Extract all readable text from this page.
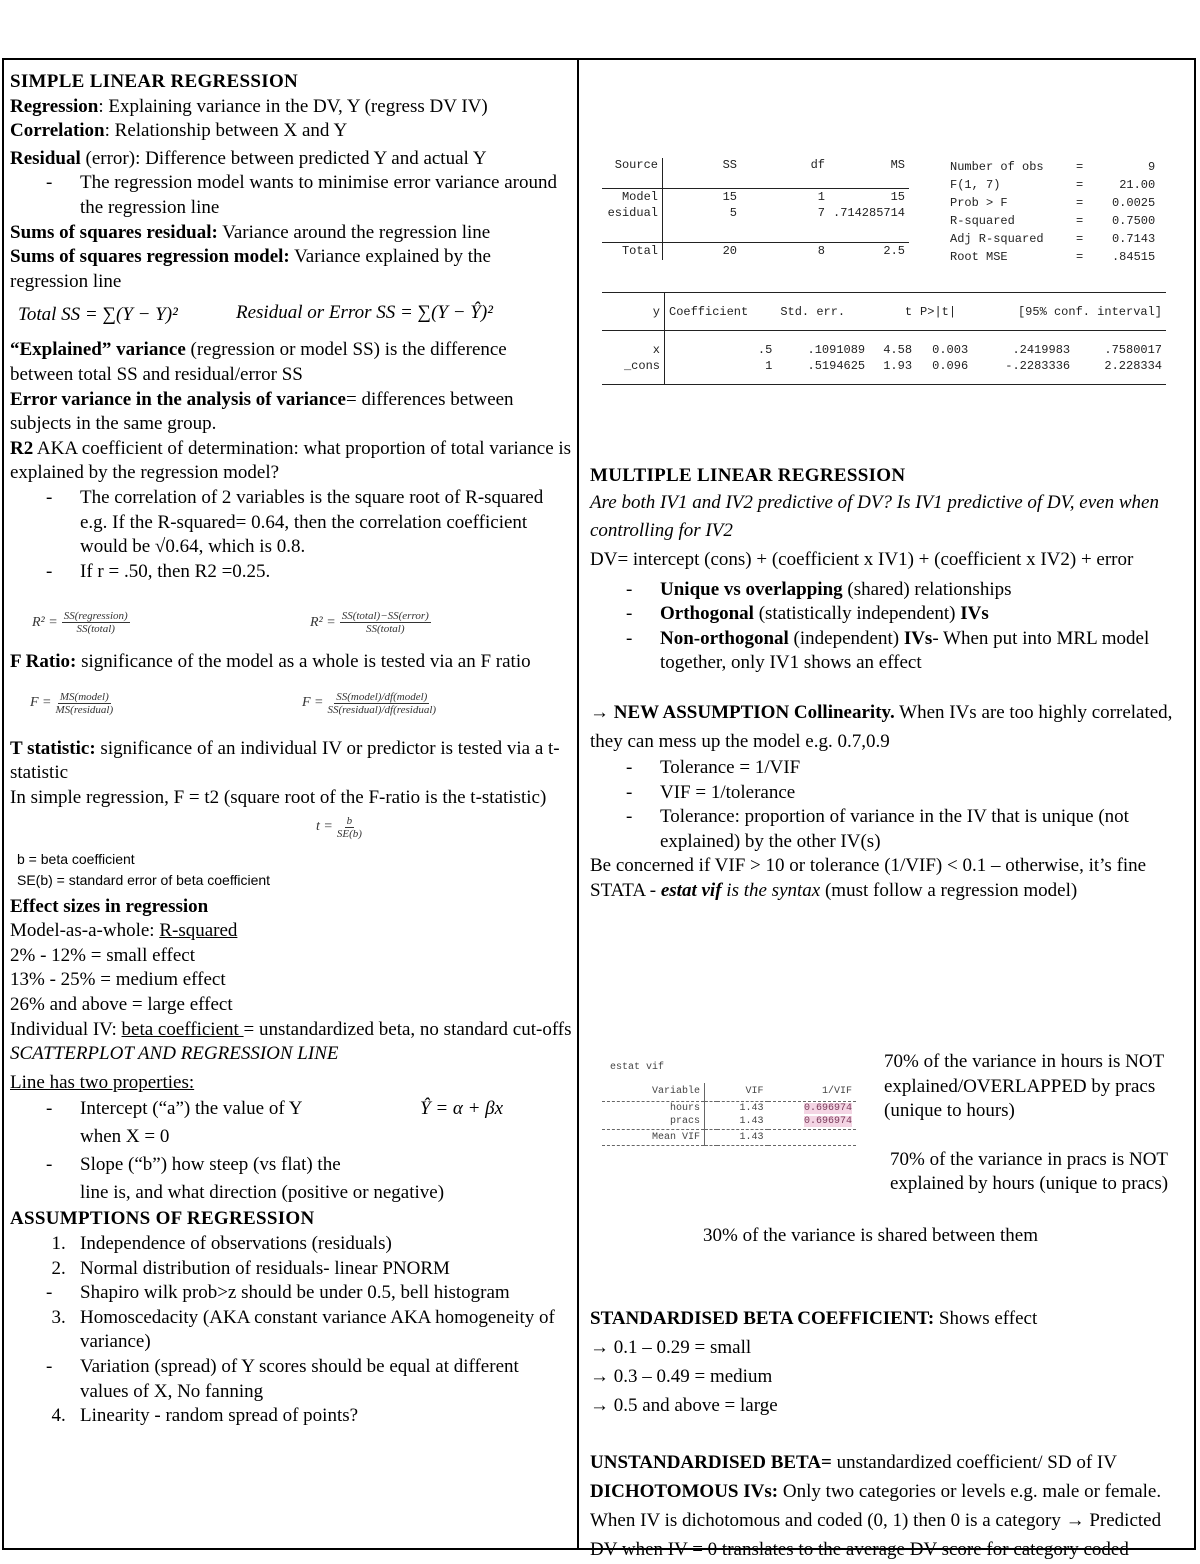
SIMPLE LINEAR REGRESSION

Regression: Explaining variance in the DV, Y (regress DV IV)

Correlation: Relationship between X and Y

Residual (error): Difference between predicted Y and actual Y

- The regression model wants to minimise error variance around the regression line

Sums of squares residual: Variance around the regression line

Sums of squares regression model: Variance explained by the regression line

Total SS = ∑(Y − Y)²	Residual or Error SS = ∑(Y − Ŷ)²

“Explained” variance (regression or model SS) is the difference between total SS and residual/error SS

Error variance in the analysis of variance= differences between subjects in the same group.

R2 AKA coefficient of determination: what proportion of total variance is explained by the regression model?

- The correlation of 2 variables is the square root of R-squared e.g. If the R-squared= 0.64, then the correlation coefficient would be √0.64, which is 0.8.
- If r = .50, then R2 =0.25.
R² = SS(regression)
SS(total)	R² = SS(total)−SS(error)
SS(total)

F Ratio: significance of the model as a whole is tested via an F ratio

F = MS(model)
MS(residual)	F = SS(model)/df(model)
SS(residual)/df(residual)

T statistic: significance of an individual IV or predictor is tested via a t-statistic

In simple regression, F = t2 (square root of the F-ratio is the t-statistic)

$t = \frac{b}{SE(b)}$

b = beta coefficient

SE(b) = standard error of beta coefficient

Effect sizes in regression

Model-as-a-whole: R-squared

2% - 12% = small effect

13% - 25% = medium effect

26% and above = large effect

Individual IV: beta coefficient = unstandardized beta, no standard cut-offs

SCATTERPLOT AND REGRESSION LINE

Line has two properties:

- Intercept (“a”) the value of Y	Ŷ = α + βx

when X = 0
- Slope (“b”) how steep (vs flat) the
line is, and what direction (positive or negative)

ASSUMPTIONS OF REGRESSION

1. Independence of observations (residuals)
2. Normal distribution of residuals- linear PNORM
- Shapiro wilk prob>z should be under 0.5, bell histogram
3. Homoscedacity (AKA constant variance AKA homogeneity of variance)
- Variation (spread) of Y scores should be equal at different values of X, No fanning
4. Linearity - random spread of points?
Source	SS	df	MS
Model	15	1	15
esidual	5	7	.714285714

Total	20	8	2.5
Number of obs	=	9
F(1, 7)	=	21.00
Prob > F	=	0.0025
R-squared	=	0.7500
Adj R-squared	=	0.7143
Root MSE	=	.84515
y	Coefficient	Std. err.	t	P>|t|	[95% conf. interval]	

x	.5	.1091089	4.58	0.003	.2419983	.7580017
_cons	1	.5194625	1.93	0.096	-.2283336	2.228334

MULTIPLE LINEAR REGRESSION

Are both IV1 and IV2 predictive of DV? Is IV1 predictive of DV, even when controlling for IV2

DV= intercept (cons) + (coefficient x IV1) + (coefficient x IV2) + error

- Unique vs overlapping (shared) relationships
- Orthogonal (statistically independent) IVs
- Non-orthogonal (independent) IVs- When put into MRL model together, only IV1 shows an effect

→ NEW ASSUMPTION Collinearity. When IVs are too highly correlated, they can mess up the model e.g. 0.7,0.9

- Tolerance = 1/VIF
- VIF = 1/tolerance
- Tolerance: proportion of variance in the IV that is unique (not explained) by the other IV(s)

Be concerned if VIF > 10 or tolerance (1/VIF) < 0.1 – otherwise, it’s fine

STATA - estat vif is the syntax (must follow a regression model)

estat vif
Variable		VIF	1/VIF
hours		1.43	0.696974
pracs		1.43	0.696974
Mean VIF		1.43	

70% of the variance in hours is NOT explained/OVERLAPPED by pracs (unique to hours)

70% of the variance in pracs is NOT explained by hours (unique to pracs)

30% of the variance is shared between them

STANDARDISED BETA COEFFICIENT: Shows effect

→ 0.1 – 0.29 = small

→ 0.3 – 0.49 = medium

→ 0.5 and above = large

UNSTANDARDISED BETA= unstandardized coefficient/ SD of IV

DICHOTOMOUS IVs: Only two categories or levels e.g. male or female. When IV is dichotomous and coded (0, 1) then 0 is a category → Predicted DV when IV = 0 translates to the average DV score for category coded
